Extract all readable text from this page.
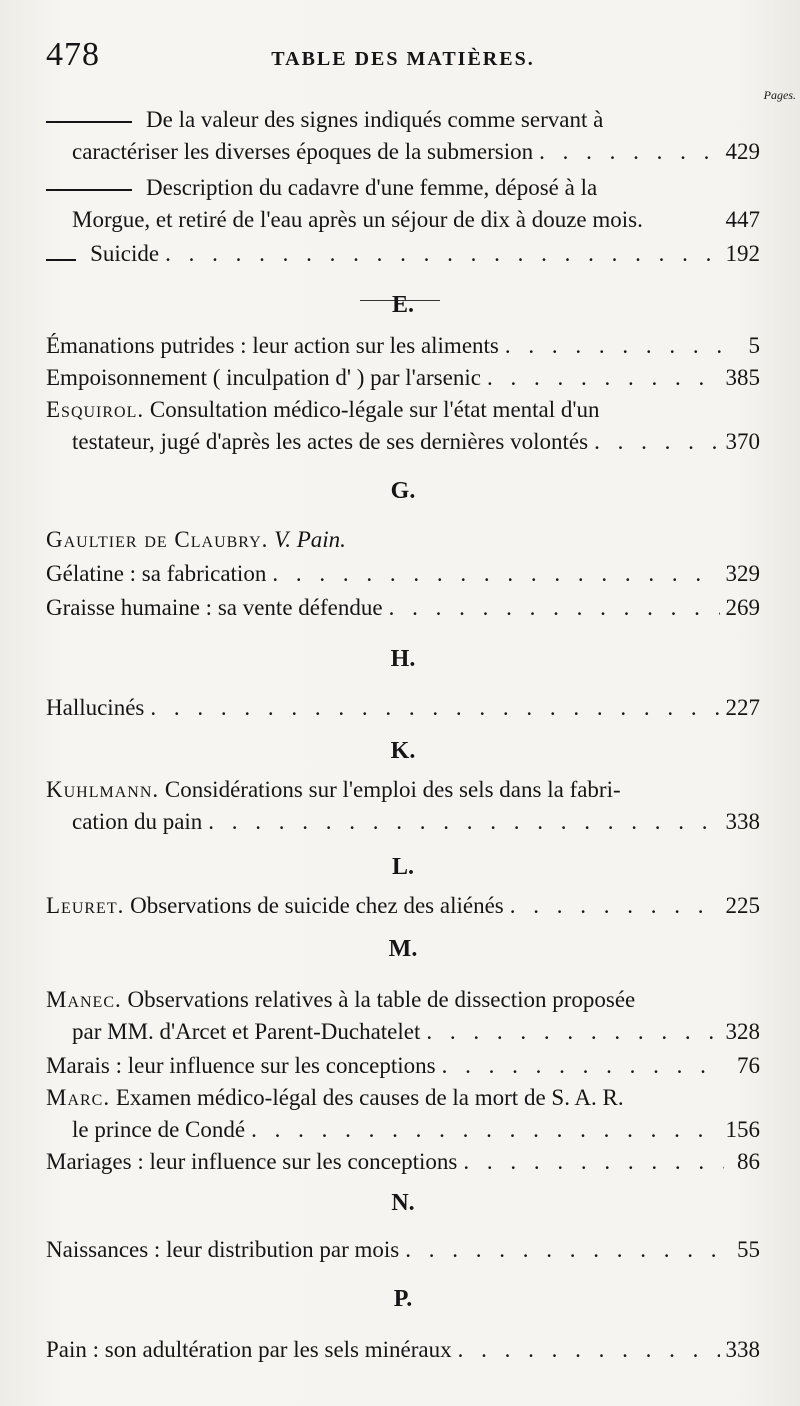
478	TABLE DES MATIÈRES.
Pages.
De la valeur des signes indiqués comme servant à
caractériser les diverses époques de la submersion . . .	429
Description du cadavre d'une femme, déposé à la
Morgue, et retiré de l'eau après un séjour de dix à douze mois.	447
Suicide . . .	192
E.
Émanations putrides : leur action sur les aliments . . .	5
Empoisonnement ( inculpation d' ) par l'arsenic . . .	385
Esquirol. Consultation médico-légale sur l'état mental d'un
testateur, jugé d'après les actes de ses dernières volontés . . .	370
G.
Gaultier de Claubry. V. Pain.
Gélatine : sa fabrication . . .	329
Graisse humaine : sa vente défendue . . .	269
H.
Hallucinés . . .	227
K.
Kuhlmann. Considérations sur l'emploi des sels dans la fabri-
cation du pain . . .	338
L.
Leuret. Observations de suicide chez des aliénés . . .	225
M.
Manec. Observations relatives à la table de dissection proposée
par MM. d'Arcet et Parent-Duchatelet . . .	328
Marais : leur influence sur les conceptions . . .	76
Marc. Examen médico-légal des causes de la mort de S. A. R.
le prince de Condé . . .	156
Mariages : leur influence sur les conceptions . . .	86
N.
Naissances : leur distribution par mois . . .	55
P.
Pain : son adultération par les sels minéraux . . .	338
